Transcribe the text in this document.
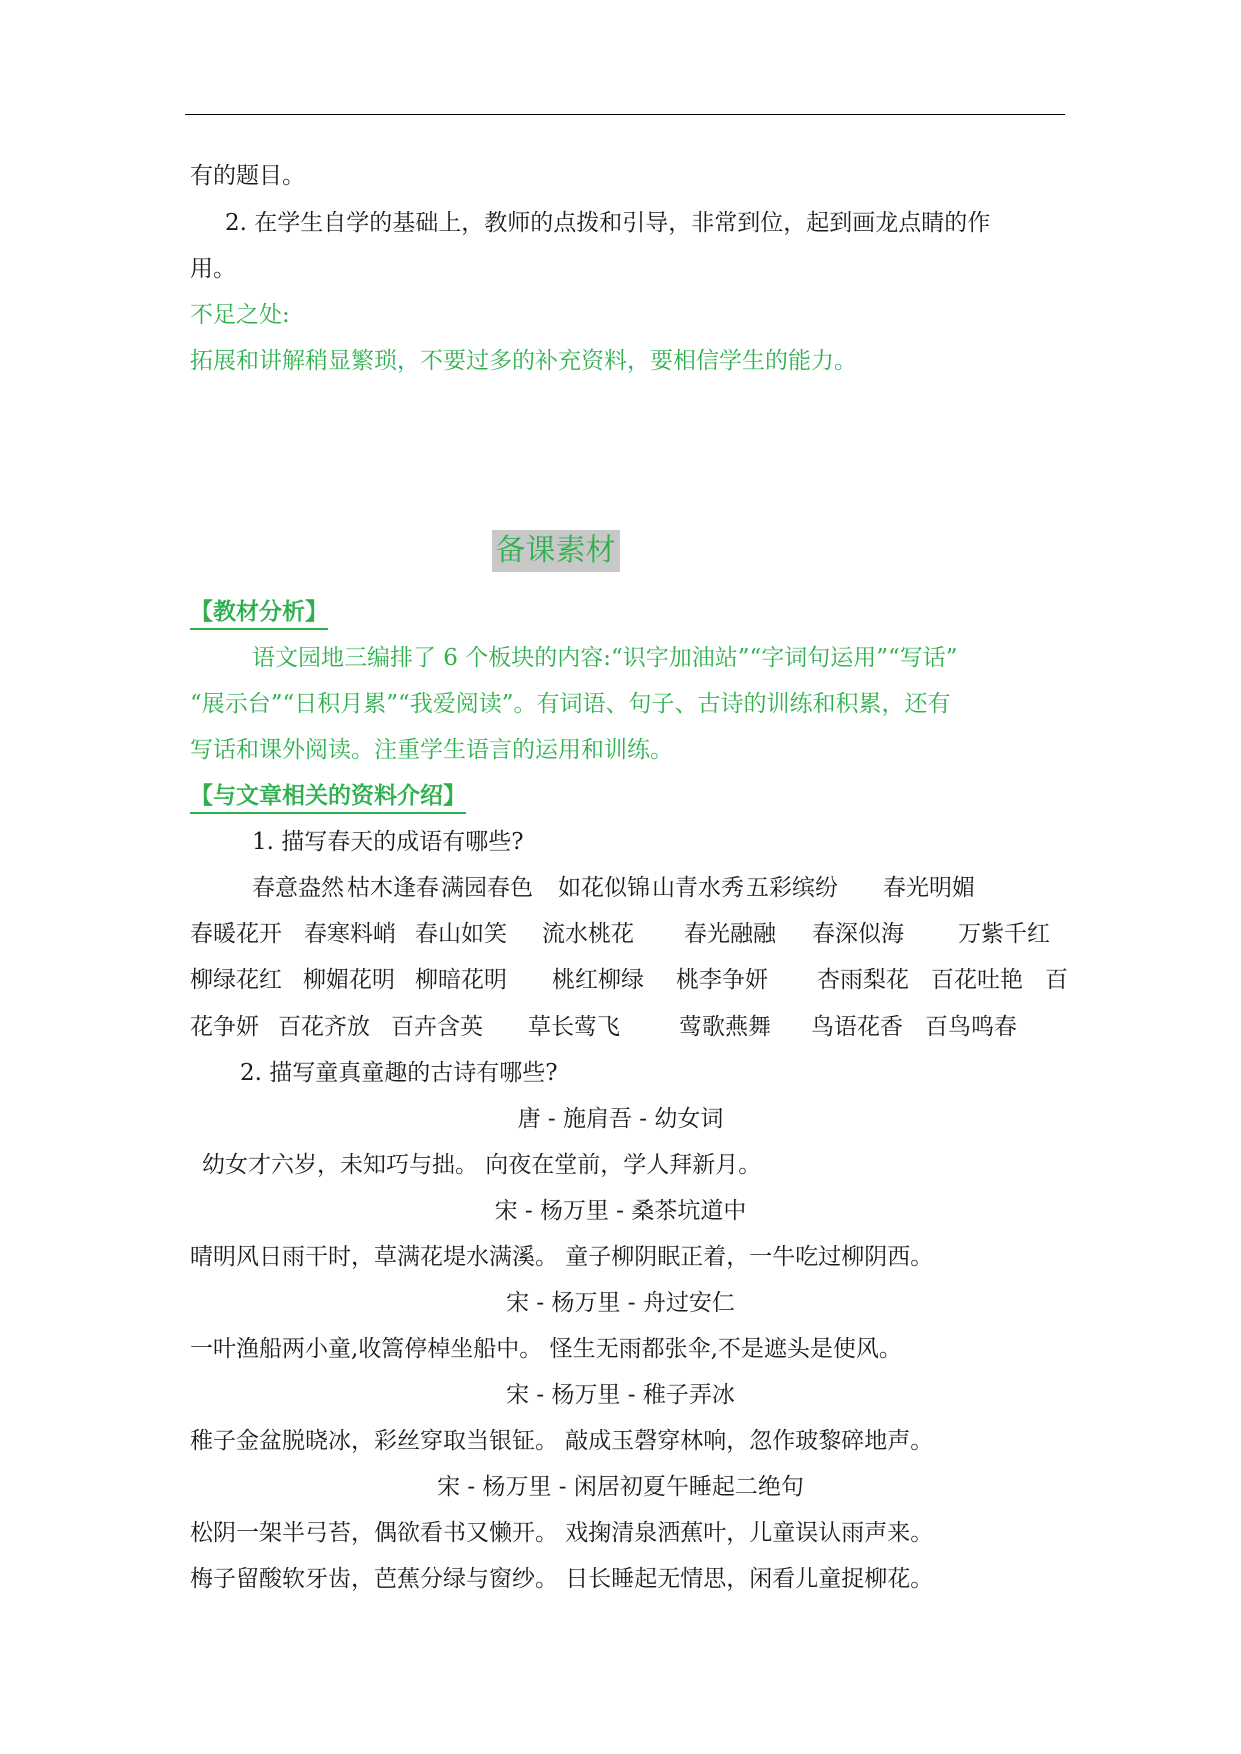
有的题目。
2. 在学生自学的基础上，教师的点拨和引导，非常到位，起到画龙点睛的作
用。
不足之处:
拓展和讲解稍显繁琐，不要过多的补充资料，要相信学生的能力。
备课素材
【教材分析】
语文园地三编排了 6 个板块的内容:“识字加油站”“字词句运用”“写话”
“展示台”“日积月累”“我爱阅读”。有词语、句子、古诗的训练和积累，还有
写话和课外阅读。注重学生语言的运用和训练。
【与文章相关的资料介绍】
1. 描写春天的成语有哪些?
春意盎然 枯木逢春 满园春色 如花似锦 山青水秀 五彩缤纷 春光明媚
春暖花开 春寒料峭 春山如笑 流水桃花 春光融融 春深似海 万紫千红
柳绿花红 柳媚花明 柳暗花明 桃红柳绿 桃李争妍 杏雨梨花 百花吐艳 百
花争妍 百花齐放 百卉含英 草长莺飞	莺歌燕舞 鸟语花香 百鸟鸣春
2. 描写童真童趣的古诗有哪些?
唐 - 施肩吾 - 幼女词
幼女才六岁，未知巧与拙。 向夜在堂前，学人拜新月。
宋 - 杨万里 - 桑茶坑道中
晴明风日雨干时，草满花堤水满溪。 童子柳阴眠正着，一牛吃过柳阴西。
宋 - 杨万里 - 舟过安仁
一叶渔船两小童,收篙停棹坐船中。 怪生无雨都张伞,不是遮头是使风。
宋 - 杨万里 - 稚子弄冰
稚子金盆脱晓冰，彩丝穿取当银钲。 敲成玉磬穿林响，忽作玻黎碎地声。
宋 - 杨万里 - 闲居初夏午睡起二绝句
松阴一架半弓苔，偶欲看书又懒开。 戏掬清泉洒蕉叶，儿童误认雨声来。
梅子留酸软牙齿，芭蕉分绿与窗纱。 日长睡起无情思，闲看儿童捉柳花。
